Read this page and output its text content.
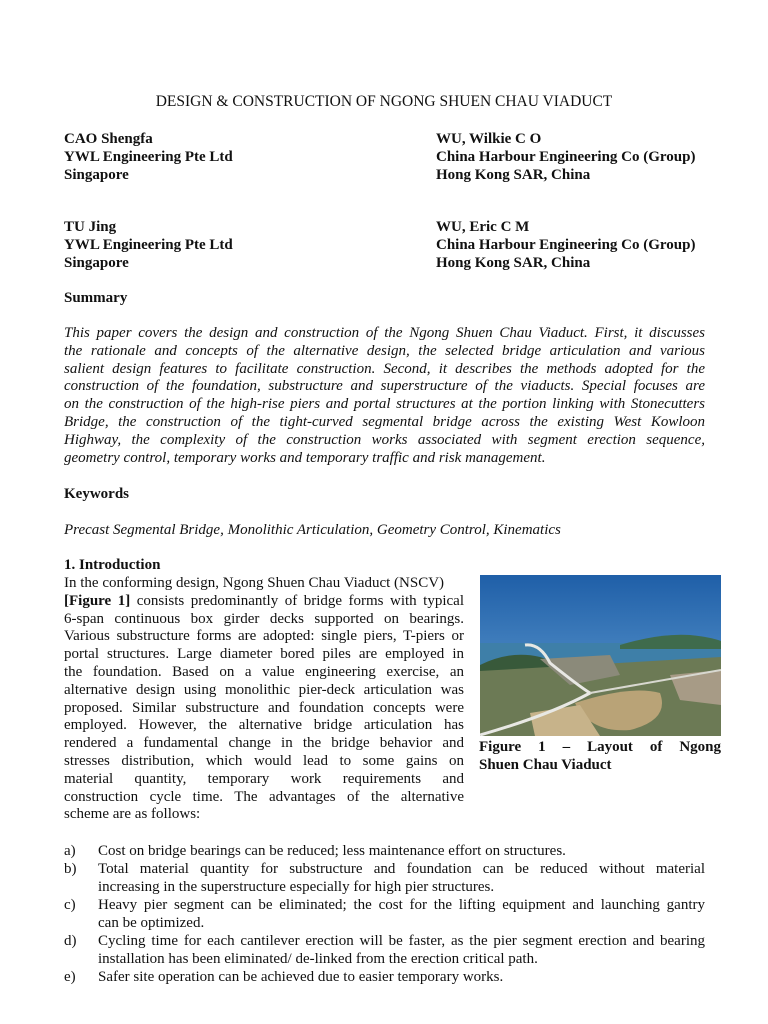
DESIGN & CONSTRUCTION OF NGONG SHUEN CHAU VIADUCT
CAO Shengfa
YWL Engineering Pte Ltd
Singapore
WU, Wilkie C O
China Harbour Engineering Co (Group)
Hong Kong SAR, China
TU Jing
YWL Engineering Pte Ltd
Singapore
WU, Eric C M
China Harbour Engineering Co (Group)
Hong Kong SAR, China
Summary
This paper covers the design and construction of the Ngong Shuen Chau Viaduct. First, it discusses
the rationale and concepts of the alternative design, the selected bridge articulation and various
salient design features to facilitate construction. Second, it describes the methods adopted for the
construction of the foundation, substructure and superstructure of the viaducts. Special focuses are
on the construction of the high-rise piers and portal structures at the portion linking with Stonecutters
Bridge, the construction of the tight-curved segmental bridge across the existing West Kowloon
Highway, the complexity of the construction works associated with segment erection sequence,
geometry control, temporary works and temporary traffic and risk management.
Keywords
Precast Segmental Bridge, Monolithic Articulation, Geometry Control, Kinematics
1. Introduction
In the conforming design, Ngong Shuen Chau Viaduct (NSCV)
[Figure 1] consists predominantly of bridge forms with typical
6-span continuous box girder decks supported on bearings.
Various substructure forms are adopted: single piers, T-piers or
portal structures. Large diameter bored piles are employed in
the foundation. Based on a value engineering exercise, an
alternative design using monolithic pier-deck articulation was
proposed. Similar substructure and foundation concepts were
employed. However, the alternative bridge articulation has
rendered a fundamental change in the bridge behavior and
stresses distribution, which would lead to some gains on
material quantity, temporary work requirements and
construction cycle time. The advantages of the alternative
scheme are as follows:
Figure 1 – Layout of Ngong
Shuen Chau Viaduct
a) Cost on bridge bearings can be reduced; less maintenance effort on structures.
b) Total material quantity for substructure and foundation can be reduced without material
increasing in the superstructure especially for high pier structures.
c) Heavy pier segment can be eliminated; the cost for the lifting equipment and launching gantry
can be optimized.
d) Cycling time for each cantilever erection will be faster, as the pier segment erection and bearing
installation has been eliminated/ de-linked from the erection critical path.
e) Safer site operation can be achieved due to easier temporary works.
